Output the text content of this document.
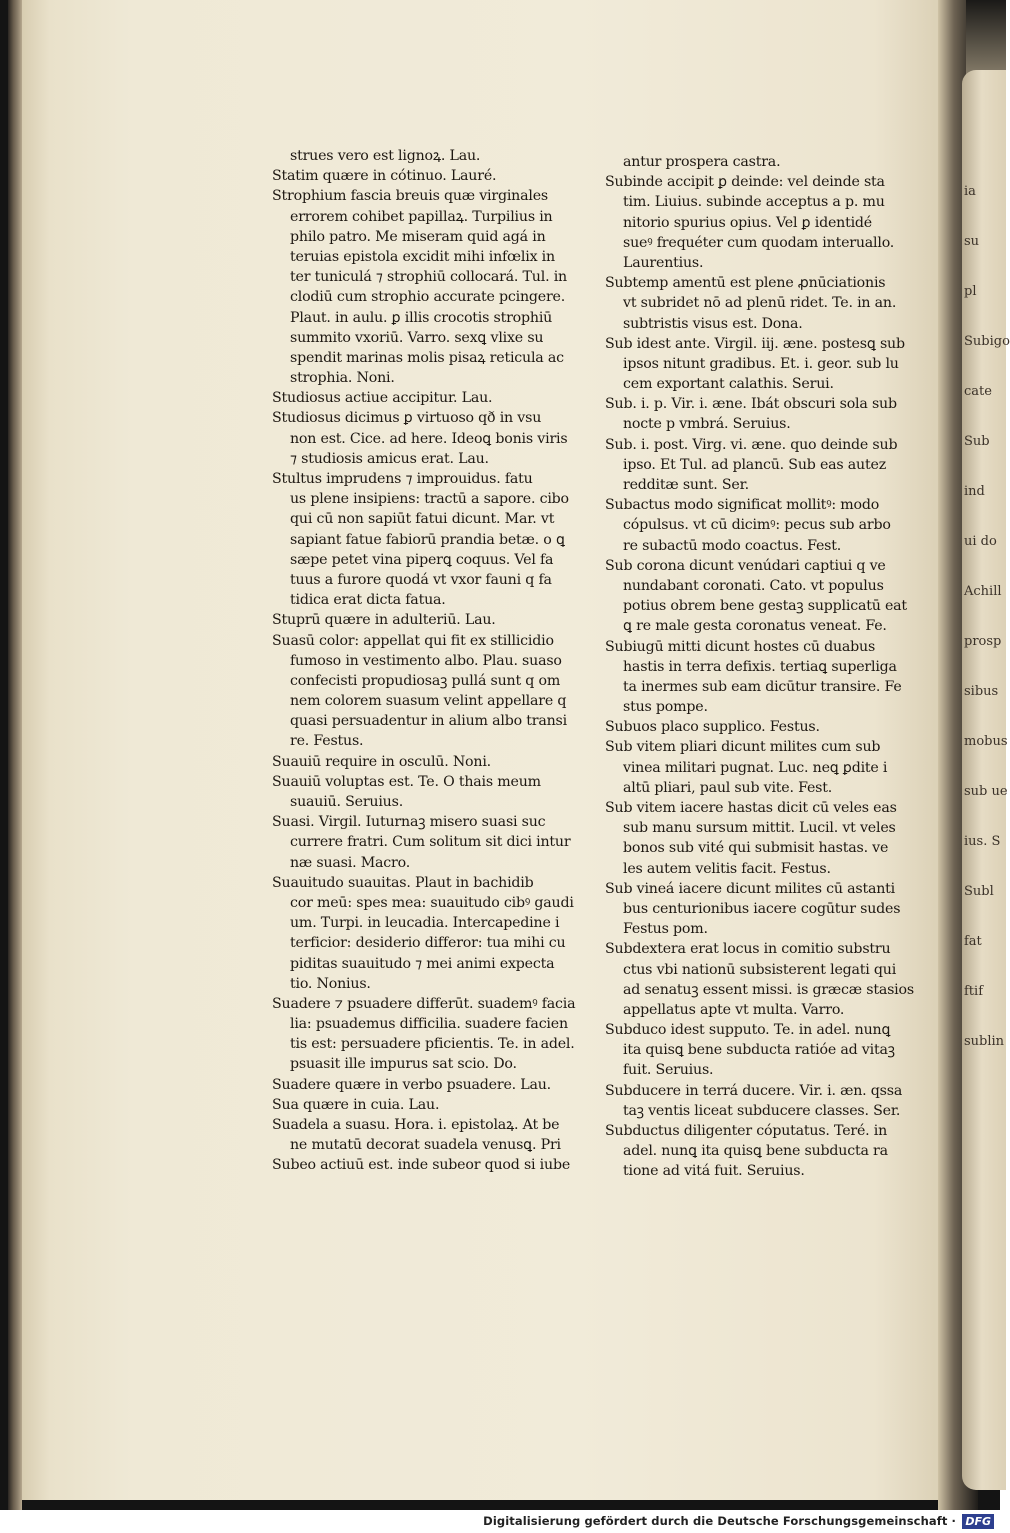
strues vero est lignoꝝ. Lau.
Statim quære in cótinuo. Lauré.
Strophium fascia breuis quæ virginales
errorem cohibet papillaꝝ. Turpilius in
philo patro. Me miseram quid agá in
teruias epistola excidit mihi infœlix in
ter tuniculá ⁊ strophiū collocará. Tul. in
clodiū cum strophio accurate pcingere.
Plaut. in aulu. ꝑ illis crocotis strophiū
summito vxoriū. Varro. sexꝗ vlixe su
spendit marinas molis pisaꝝ reticula ac
strophia. Noni.
Studiosus actiue accipitur. Lau.
Studiosus dicimus ꝑ virtuoso qð in vsu
non est. Cice. ad here. Ideoꝗ bonis viris
⁊ studiosis amicus erat. Lau.
Stultus imprudens ⁊ improuidus. fatu
us plene insipiens: tractū a sapore. cibo
qui cū non sapiūt fatui dicunt. Mar. vt
sapiant fatue fabiorū prandia betæ. o ꝗ
sæpe petet vina piperꝗ coquus. Vel fa
tuus a furore quodá vt vxor fauni q fa
tidica erat dicta fatua.
Stuprū quære in adulteriū. Lau.
Suasū color: appellat qui fit ex stillicidio
fumoso in vestimento albo. Plau. suaso
confecisti propudiosaꝫ pullá sunt q om
nem colorem suasum velint appellare q
quasi persuadentur in alium albo transi
re. Festus.
Suauiū require in osculū. Noni.
Suauiū voluptas est. Te. O thais meum
suauiū. Seruius.
Suasi. Virgil. Iuturnaꝫ misero suasi suc
currere fratri. Cum solitum sit dici intur
næ suasi. Macro.
Suauitudo suauitas. Plaut in bachidib
cor meū: spes mea: suauitudo cibꝰ gaudi
um. Turpi. in leucadia. Intercapedine i
terficior: desiderio differor: tua mihi cu
piditas suauitudo ⁊ mei animi expecta
tio. Nonius.
Suadere ⁊ psuadere differūt. suademꝰ facia
lia: psuademus difficilia. suadere facien
tis est: persuadere pficientis. Te. in adel.
psuasit ille impurus sat scio. Do.
Suadere quære in verbo psuadere. Lau.
Sua quære in cuia. Lau.
Suadela a suasu. Hora. i. epistolaꝝ. At be
ne mutatū decorat suadela venusꝗ. Pri
Subeo actiuū est. inde subeor quod si iube
antur prospera castra.
Subinde accipit ꝑ deinde: vel deinde sta
tim. Liuius. subinde acceptus a p. mu
nitorio spurius opius. Vel ꝑ identidé
sueꝰ frequéter cum quodam interuallo.
Laurentius.
Subtemp amentū est plene ꝓnūciationis
vt subridet nō ad plenū ridet. Te. in an.
subtristis visus est. Dona.
Sub idest ante. Virgil. iij. æne. postesꝗ sub
ipsos nitunt gradibus. Et. i. geor. sub lu
cem exportant calathis. Serui.
Sub. i. p. Vir. i. æne. Ibát obscuri sola sub
nocte p vmbrá. Seruius.
Sub. i. post. Virg. vi. æne. quo deinde sub
ipso. Et Tul. ad plancū. Sub eas autez
redditæ sunt. Ser.
Subactus modo significat mollitꝰ: modo
cópulsus. vt cū dicimꝰ: pecus sub arbo
re subactū modo coactus. Fest.
Sub corona dicunt venúdari captiui q ve
nundabant coronati. Cato. vt populus
potius obrem bene gestaꝫ supplicatū eat
ꝗ re male gesta coronatus veneat. Fe.
Subiugū mitti dicunt hostes cū duabus
hastis in terra defixis. tertiaꝗ superliga
ta inermes sub eam dicūtur transire. Fe
stus pompe.
Subuos placo supplico. Festus.
Sub vitem pliari dicunt milites cum sub
vinea militari pugnat. Luc. neꝗ ꝑdite i
altū pliari, paul sub vite. Fest.
Sub vitem iacere hastas dicit cū veles eas
sub manu sursum mittit. Lucil. vt veles
bonos sub vité qui submisit hastas. ve
les autem velitis facit. Festus.
Sub vineá iacere dicunt milites cū astanti
bus centurionibus iacere cogūtur sudes
Festus pom.
Subdextera erat locus in comitio substru
ctus vbi nationū subsisterent legati qui
ad senatuꝫ essent missi. is græcæ stasios
appellatus apte vt multa. Varro.
Subduco idest supputo. Te. in adel. nunꝗ
ita quisꝗ bene subducta ratióe ad vitaꝫ
fuit. Seruius.
Subducere in terrá ducere. Vir. i. æn. qssa
taꝫ ventis liceat subducere classes. Ser.
Subductus diligenter cóputatus. Teré. in
adel. nunꝗ ita quisꝗ bene subducta ra
tione ad vitá fuit. Seruius.
ia
su
pl
Subigo
cate
Sub
ind
ui do
Achill
prosp
sibus
mobus
sub ue
ius. S
Subl
fat
ftif
sublin
Digitalisierung gefördert durch die Deutsche Forschungsgemeinschaft · DFG
